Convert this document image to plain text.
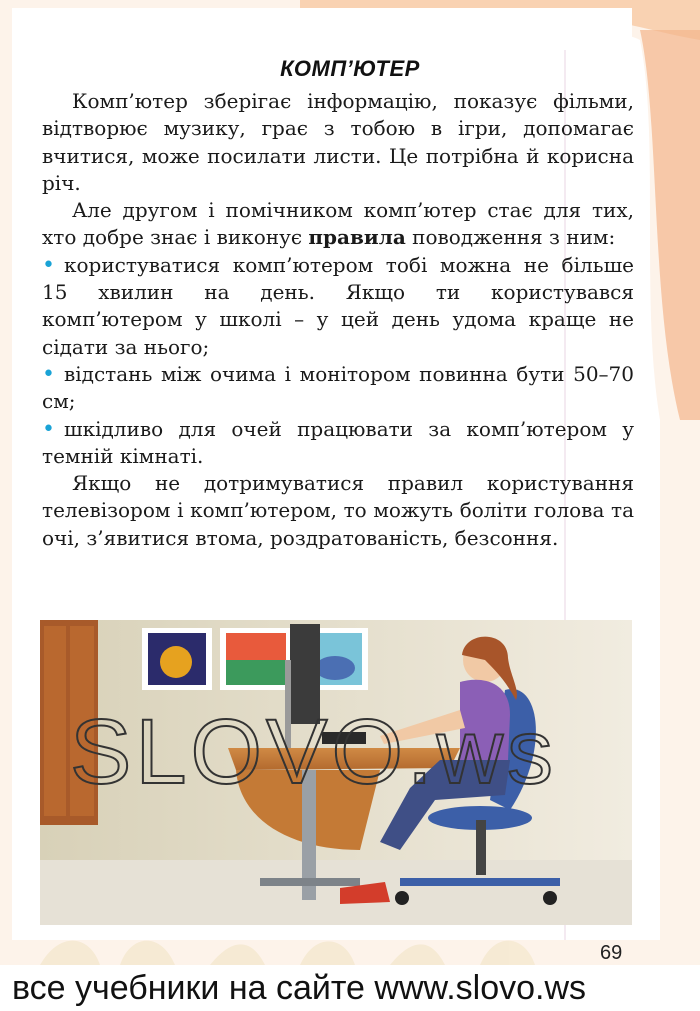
КОМП’ЮТЕР

Комп’ютер зберігає інформацію, показує фільми, відтворює музику, грає з тобою в ігри, допомагає вчитися, може посилати листи. Це потрібна й корисна річ.

Але другом і помічником комп’ютер стає для тих, хто добре знає і виконує правила поводження з ним:

• користуватися комп’ютером тобі можна не більше 15 хвилин на день. Якщо ти користувався комп’ютером у школі – у цей день удома краще не сідати за нього;
• відстань між очима і монітором повинна бути 50–70 см;
• шкідливо для очей працювати за комп’ютером у темній кімнаті.

Якщо не дотримуватися правил користування телевізором і комп’ютером, то можуть боліти голова та очі, з’явитися втома, роздратованість, безсоння.

SLOVO.ws
69
все учебники на сайте www.slovo.ws
